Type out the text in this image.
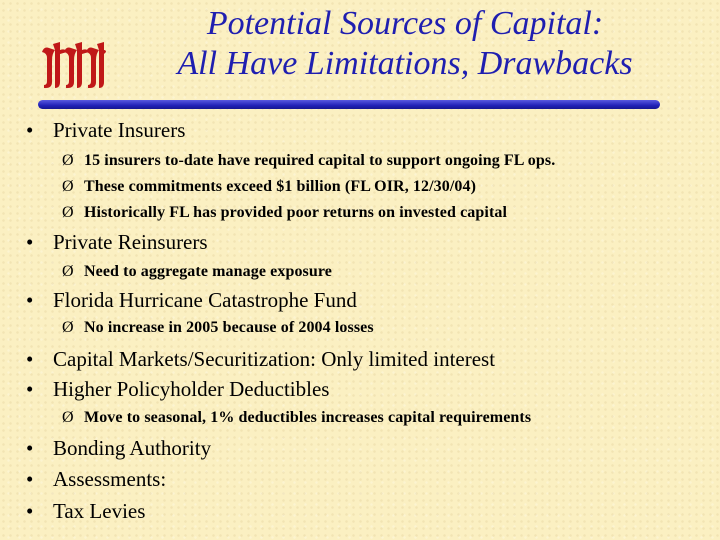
Potential Sources of Capital:
All Have Limitations, Drawbacks
• Private Insurers
Ø 15 insurers to-date have required capital to support ongoing FL ops.
Ø These commitments exceed $1 billion (FL OIR, 12/30/04)
Ø Historically FL has provided poor returns on invested capital
• Private Reinsurers
Ø Need to aggregate manage exposure
• Florida Hurricane Catastrophe Fund
Ø No increase in 2005 because of 2004 losses
• Capital Markets/Securitization: Only limited interest
• Higher Policyholder Deductibles
Ø Move to seasonal, 1% deductibles increases capital requirements
• Bonding Authority
• Assessments:
• Tax Levies
